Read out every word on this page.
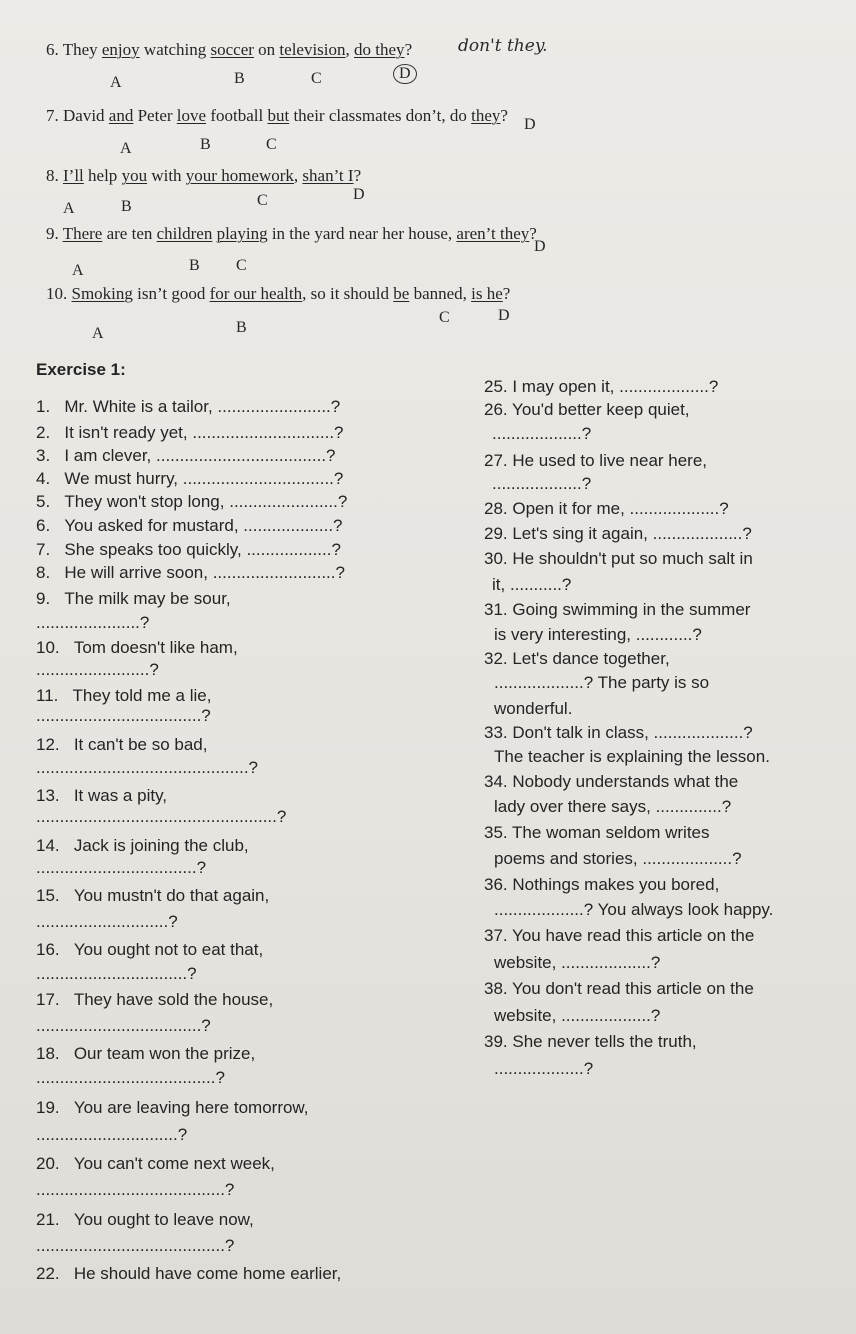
6. They enjoy watching soccer on television, do they?	don't they.
A	B	C	D
7. David and Peter love football but their classmates don’t, do they?
A	B	C
D
8. I’ll help you with your homework, shan’t I?
A	B	C	D
9. There are ten children playing in the yard near her house, aren’t they?
A	B C
D
10. Smoking isn’t good for our health, so it should be banned, is he?
A	B
C	D
Exercise 1:
1. Mr. White is a tailor, ........................?
2. It isn't ready yet, ..............................?
3. I am clever, ....................................?
4. We must hurry, ................................?
5. They won't stop long, .......................?
6. You asked for mustard, ...................?
7. She speaks too quickly, ..................?
8. He will arrive soon, ..........................?
9. The milk may be sour,
......................?
10. Tom doesn't like ham,
........................?
11. They told me a lie,
...................................?
12. It can't be so bad,
.............................................?
13. It was a pity,
...................................................?
14. Jack is joining the club,
..................................?
15. You mustn't do that again,
............................?
16. You ought not to eat that,
................................?
17. They have sold the house,
...................................?
18. Our team won the prize,
......................................?
19. You are leaving here tomorrow,
..............................?
20. You can't come next week,
........................................?
21. You ought to leave now,
........................................?
22. He should have come home earlier,
25. I may open it, ...................?
26. You'd better keep quiet,
...................?
27. He used to live near here,
...................?
28. Open it for me, ...................?
29. Let's sing it again, ...................?
30. He shouldn't put so much salt in
it, ...........?
31. Going swimming in the summer
is very interesting, ............?
32. Let's dance together,
...................? The party is so
wonderful.
33. Don't talk in class, ...................?
The teacher is explaining the lesson.
34. Nobody understands what the
lady over there says, ..............?
35. The woman seldom writes
poems and stories, ...................?
36. Nothings makes you bored,
...................? You always look happy.
37. You have read this article on the
website, ...................?
38. You don't read this article on the
website, ...................?
39. She never tells the truth,
...................?
